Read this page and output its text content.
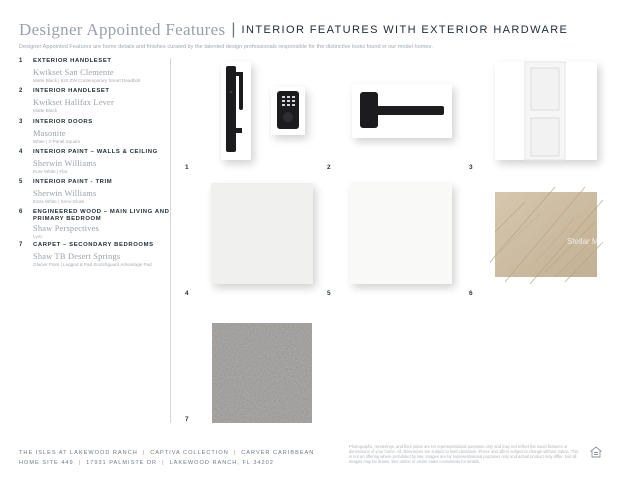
Designer Appointed Features | INTERIOR FEATURES WITH EXTERIOR HARDWARE
Designer Appointed Features are home details and finishes curated by the talented design professionals responsible for the distinctive looks found in our model homes.
1 EXTERIOR HANDLESET
Kwikset San Clemente
Matte Black | 620 ZW Contemporary Smart Deadbolt
2 INTERIOR HANDLESET
Kwikset Halifax Lever
Matte Black
3 INTERIOR DOORS
Masonite
White | 2-Panel Square
4 INTERIOR PAINT – WALLS & CEILING
Sherwin Williams
Pure White | Flat
5 INTERIOR PAINT - TRIM
Sherwin Williams
Extra White | Semi-Gloss
6 ENGINEERED WOOD – MAIN LIVING AND PRIMARY BEDROOM
Shaw Perspectives
Lyric
7 CARPET – SECONDARY BEDROOMS
Shaw TB Desert Springs
Glacier Point | Legged & Pad Scotchguard Advantage Pad
1	2	3
4	5
Stellar MLS
6
7
THE ISLES AT LAKEWOOD RANCH | CAPTIVA COLLECTION | CARVER CARIBBEAN
HOME SITE 449 | 17931 PALMISTE DR | LAKEWOOD RANCH, FL 34202
Photographs, renderings, and floor plans are for representational purposes only and may not reflect the exact features or dimensions of your home. All dimensions are subject to field variations. Prices and offers subject to change without notice. This is not an offering where prohibited by law. Images are for representational purposes only and actual product may differ. Not all images may be drawn. See online or onsite sales consultants for details.
